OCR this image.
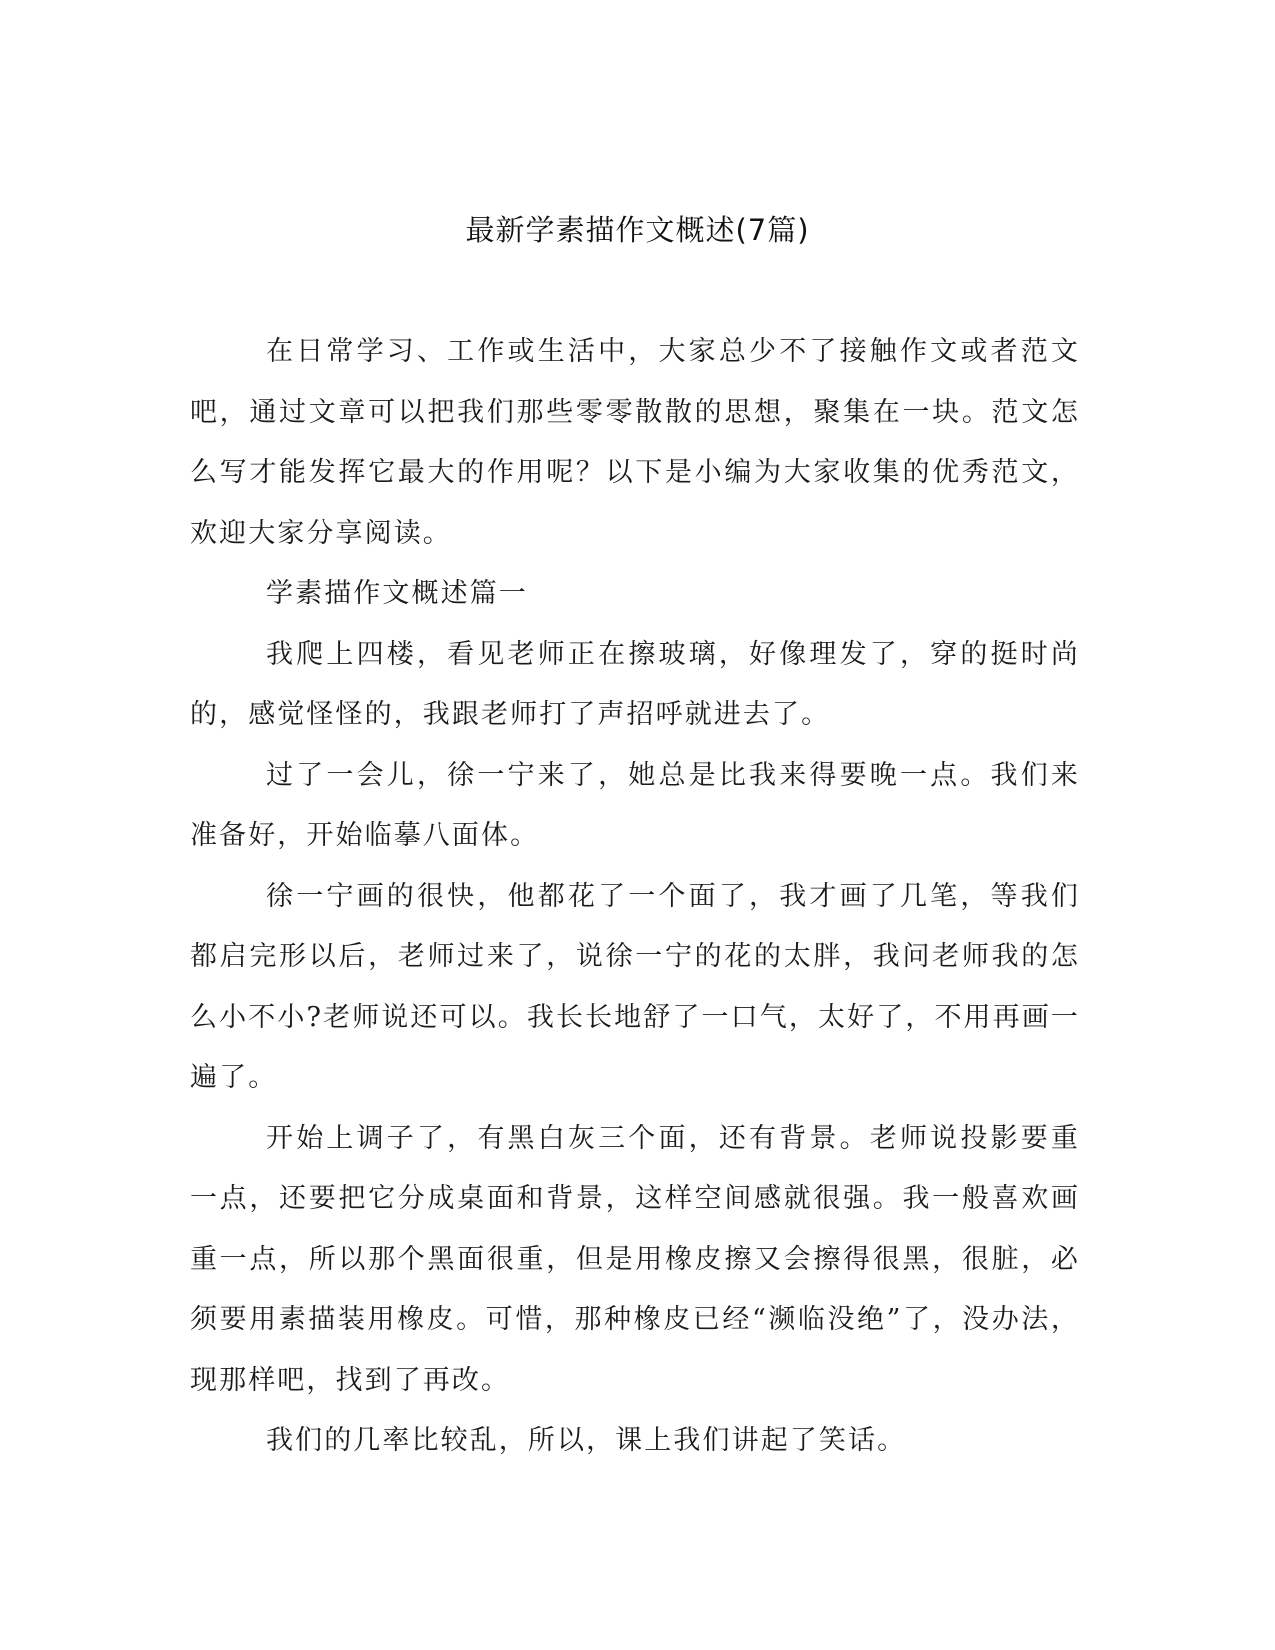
最新学素描作文概述(7篇)

在日常学习、工作或生活中，大家总少不了接触作文或者范文吧，通过文章可以把我们那些零零散散的思想，聚集在一块。范文怎么写才能发挥它最大的作用呢？以下是小编为大家收集的优秀范文，欢迎大家分享阅读。

学素描作文概述篇一

我爬上四楼，看见老师正在擦玻璃，好像理发了，穿的挺时尚的，感觉怪怪的，我跟老师打了声招呼就进去了。

过了一会儿，徐一宁来了，她总是比我来得要晚一点。我们来准备好，开始临摹八面体。

徐一宁画的很快，他都花了一个面了，我才画了几笔，等我们都启完形以后，老师过来了，说徐一宁的花的太胖，我问老师我的怎么小不小?老师说还可以。我长长地舒了一口气，太好了，不用再画一遍了。

开始上调子了，有黑白灰三个面，还有背景。老师说投影要重一点，还要把它分成桌面和背景，这样空间感就很强。我一般喜欢画重一点，所以那个黑面很重，但是用橡皮擦又会擦得很黑，很脏，必须要用素描装用橡皮。可惜，那种橡皮已经“濒临没绝”了，没办法，现那样吧，找到了再改。

我们的几率比较乱，所以，课上我们讲起了笑话。
